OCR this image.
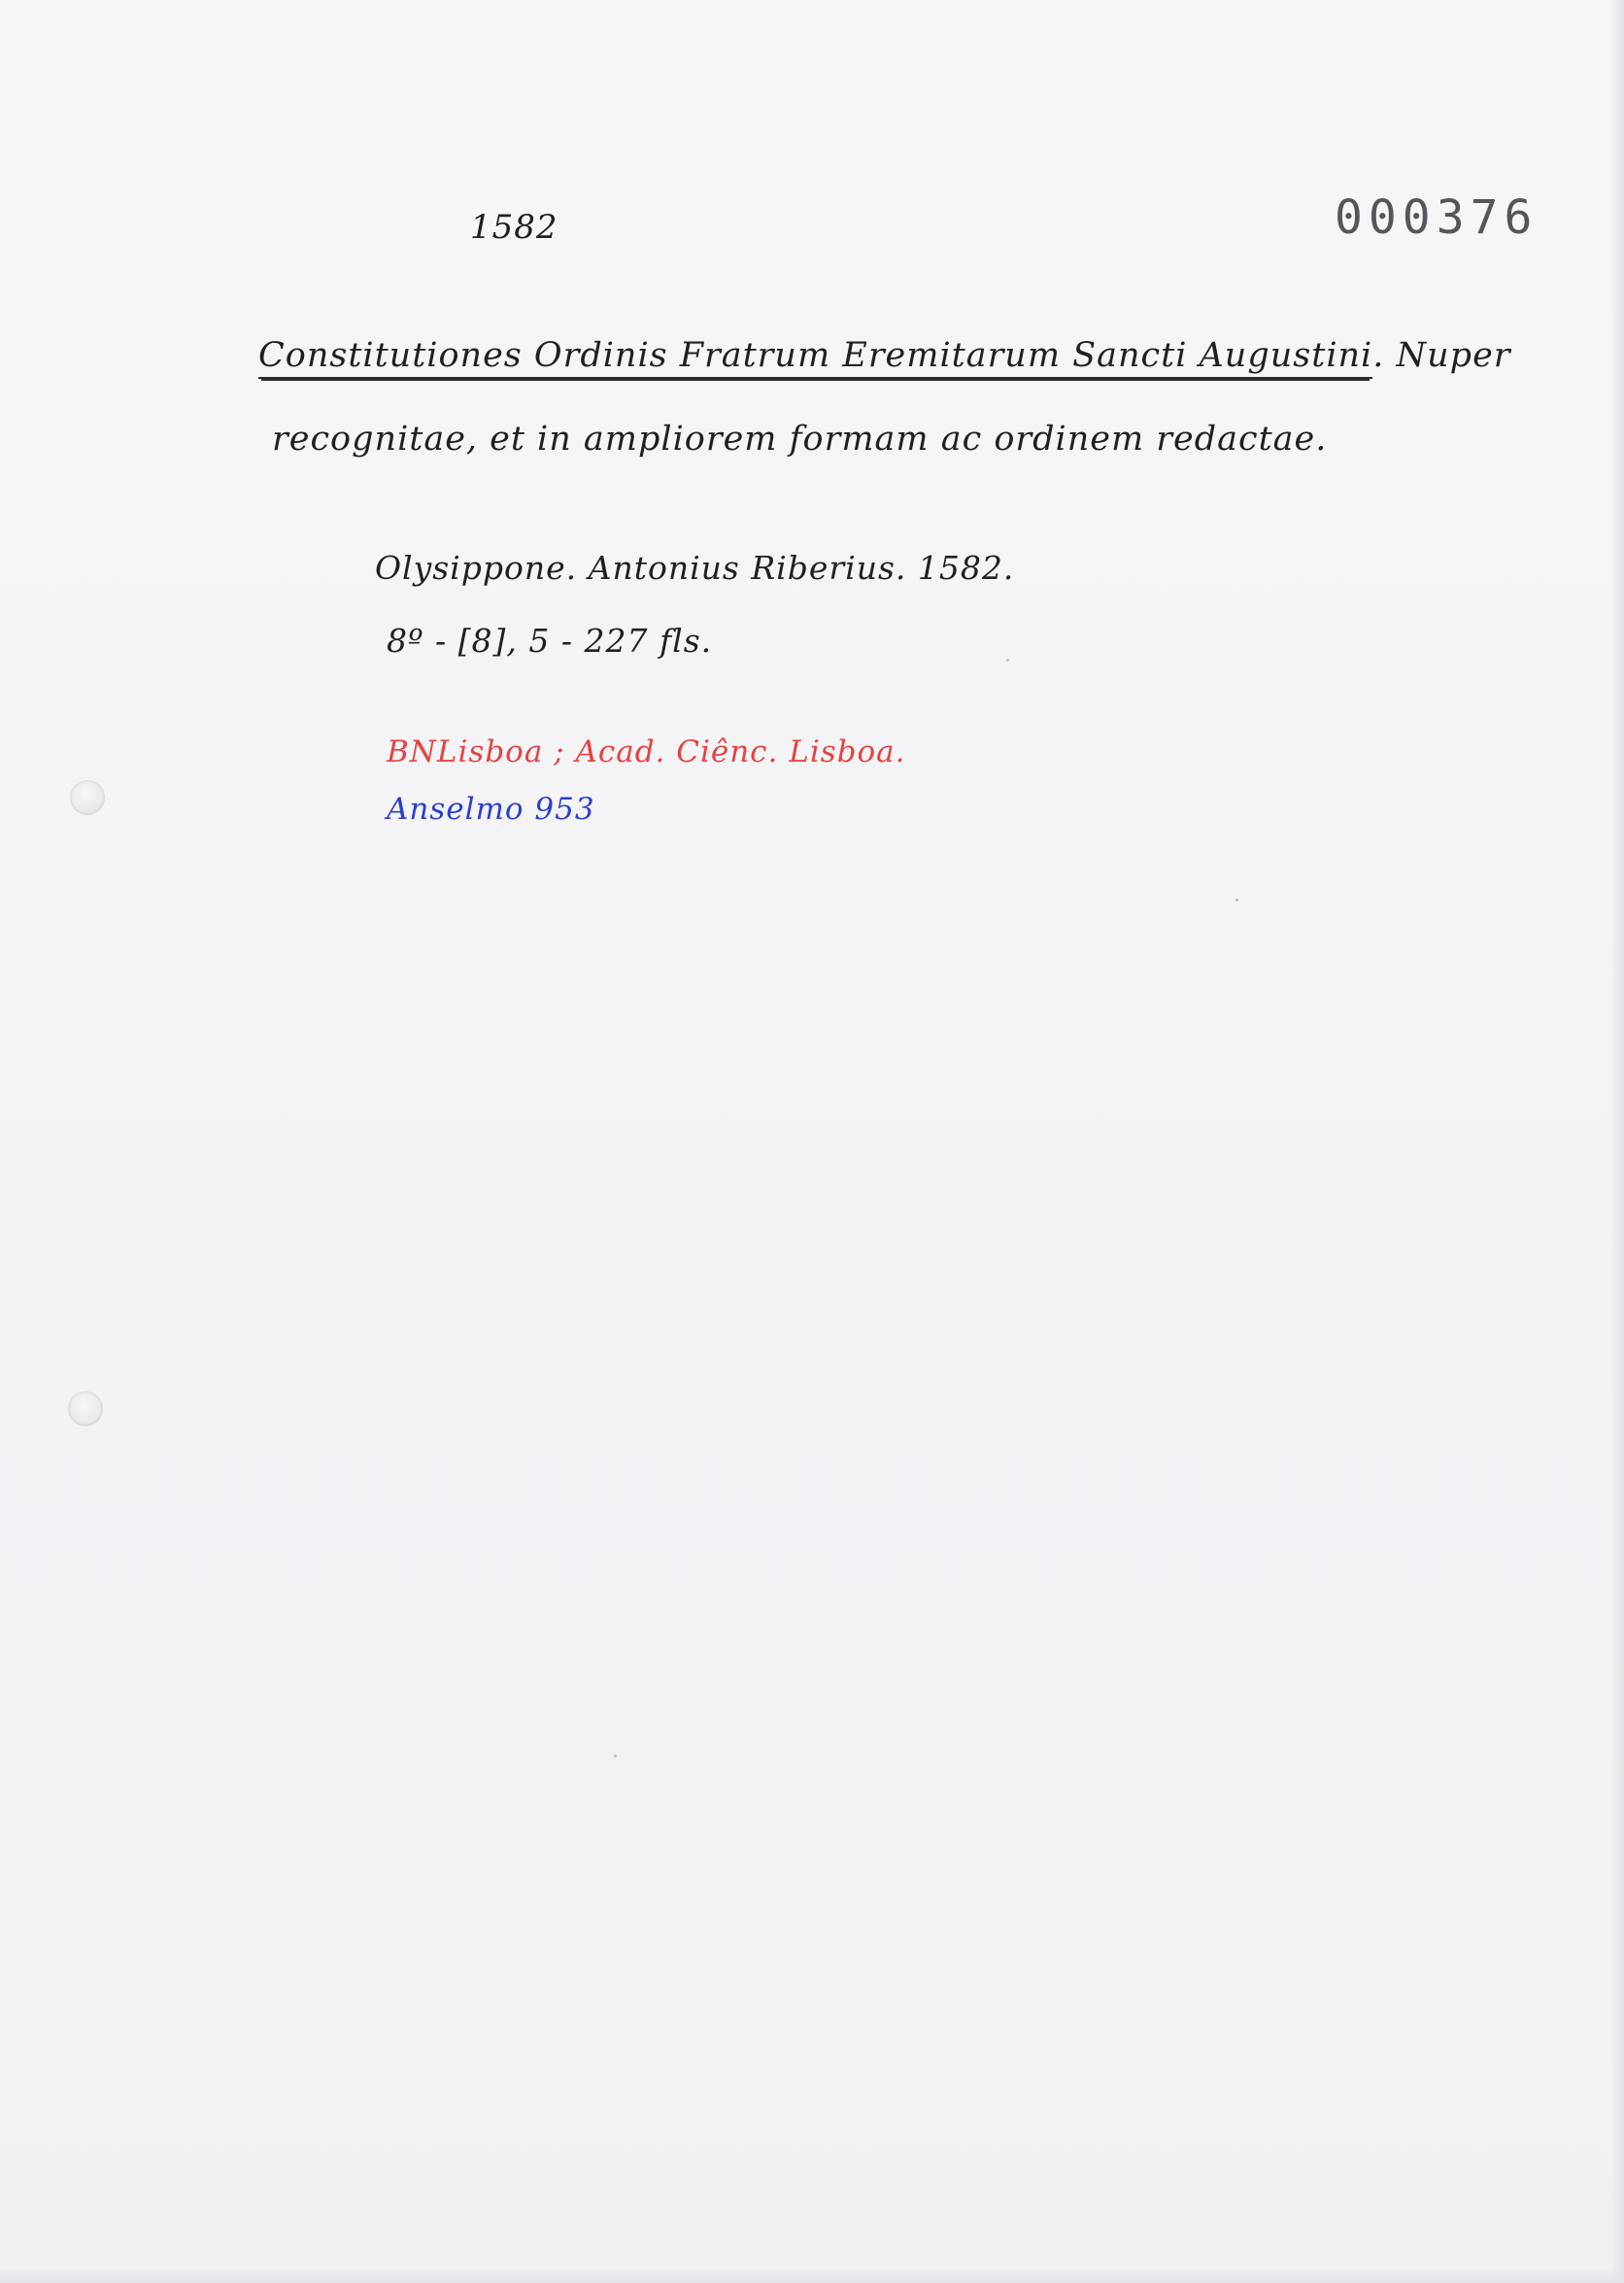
1582	000376
Constitutiones Ordinis Fratrum Eremitarum Sancti Augustini. Nuper
recognitae, et in ampliorem formam ac ordinem redactae.
Olysippone. Antonius Riberius. 1582.
8º - [8], 5 - 227 fls.
BNLisboa ; Acad. Ciênc. Lisboa.
Anselmo 953
